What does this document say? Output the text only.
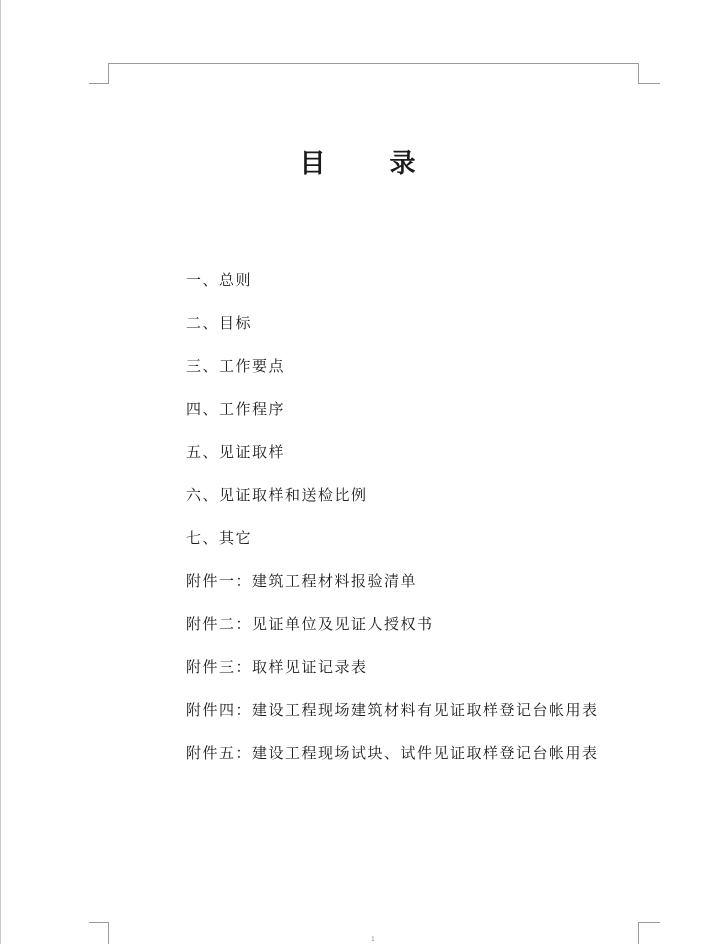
目 录
一、总则
二、目标
三、工作要点
四、工作程序
五、见证取样
六、见证取样和送检比例
七、其它
附件一：建筑工程材料报验清单
附件二：见证单位及见证人授权书
附件三：取样见证记录表
附件四：建设工程现场建筑材料有见证取样登记台帐用表
附件五：建设工程现场试块、试件见证取样登记台帐用表
1
